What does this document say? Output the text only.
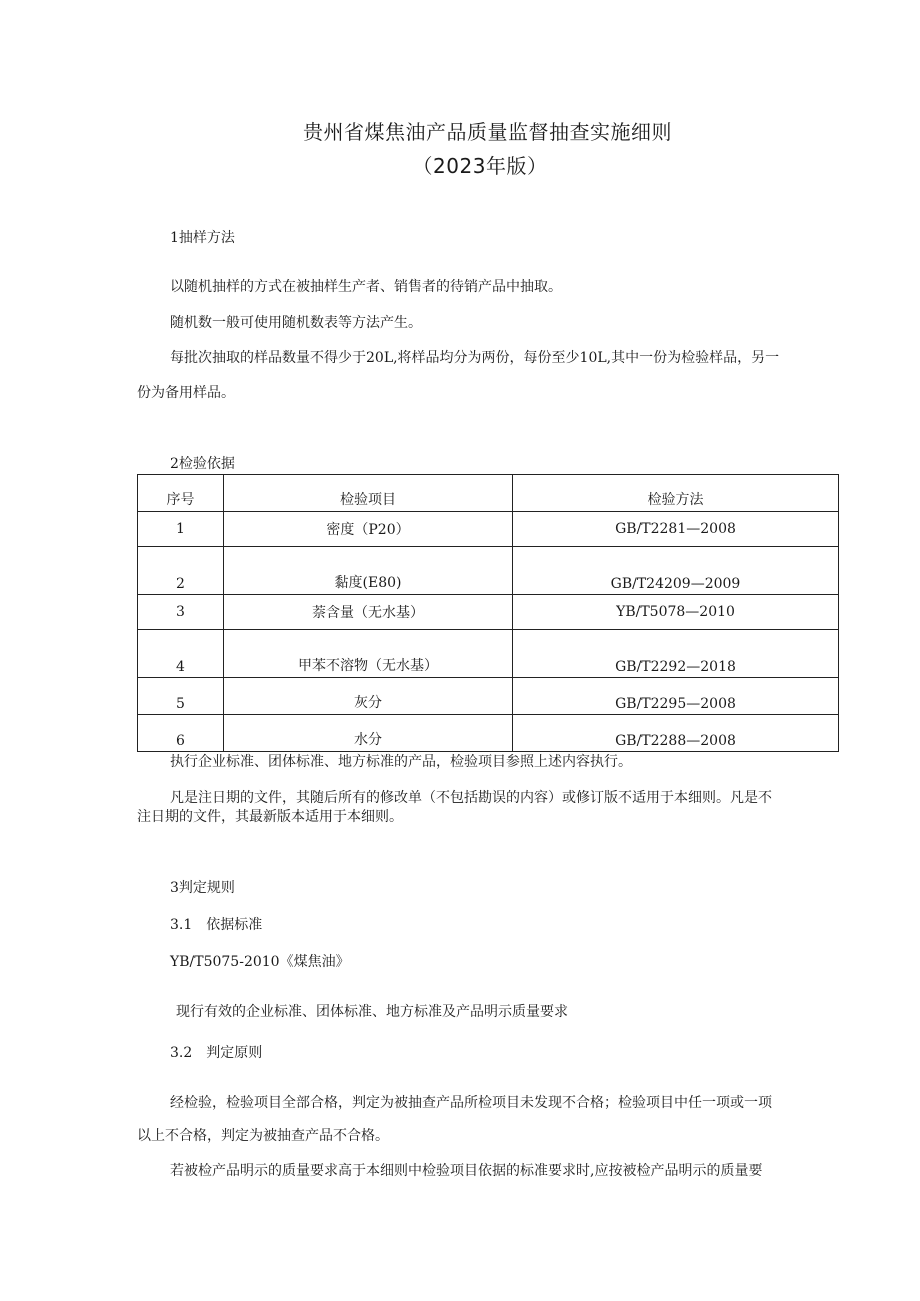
贵州省煤焦油产品质量监督抽查实施细则
（2023年版）
1抽样方法
以随机抽样的方式在被抽样生产者、销售者的待销产品中抽取。
随机数一般可使用随机数表等方法产生。
每批次抽取的样品数量不得少于20L,将样品均分为两份，每份至少10L,其中一份为检验样品，另一
份为备用样品。
2检验依据
序号	检验项目	检验方法
1	密度（P20）	GB/T2281—2008
2	黏度(E80)	GB/T24209—2009
3	萘含量（无水基）	YB/T5078—2010
4	甲苯不溶物（无水基）	GB/T2292—2018
5	灰分	GB/T2295—2008
6	水分	GB/T2288—2008
执行企业标准、团体标准、地方标准的产品，检验项目参照上述内容执行。
凡是注日期的文件，其随后所有的修改单（不包括勘误的内容）或修订版不适用于本细则。凡是不
注日期的文件，其最新版本适用于本细则。
3判定规则
3.1　依据标准
YB/T5075-2010《煤焦油》
现行有效的企业标准、团体标准、地方标准及产品明示质量要求
3.2　判定原则
经检验，检验项目全部合格，判定为被抽查产品所检项目未发现不合格；检验项目中任一项或一项
以上不合格，判定为被抽查产品不合格。
若被检产品明示的质量要求高于本细则中检验项目依据的标准要求时,应按被检产品明示的质量要
